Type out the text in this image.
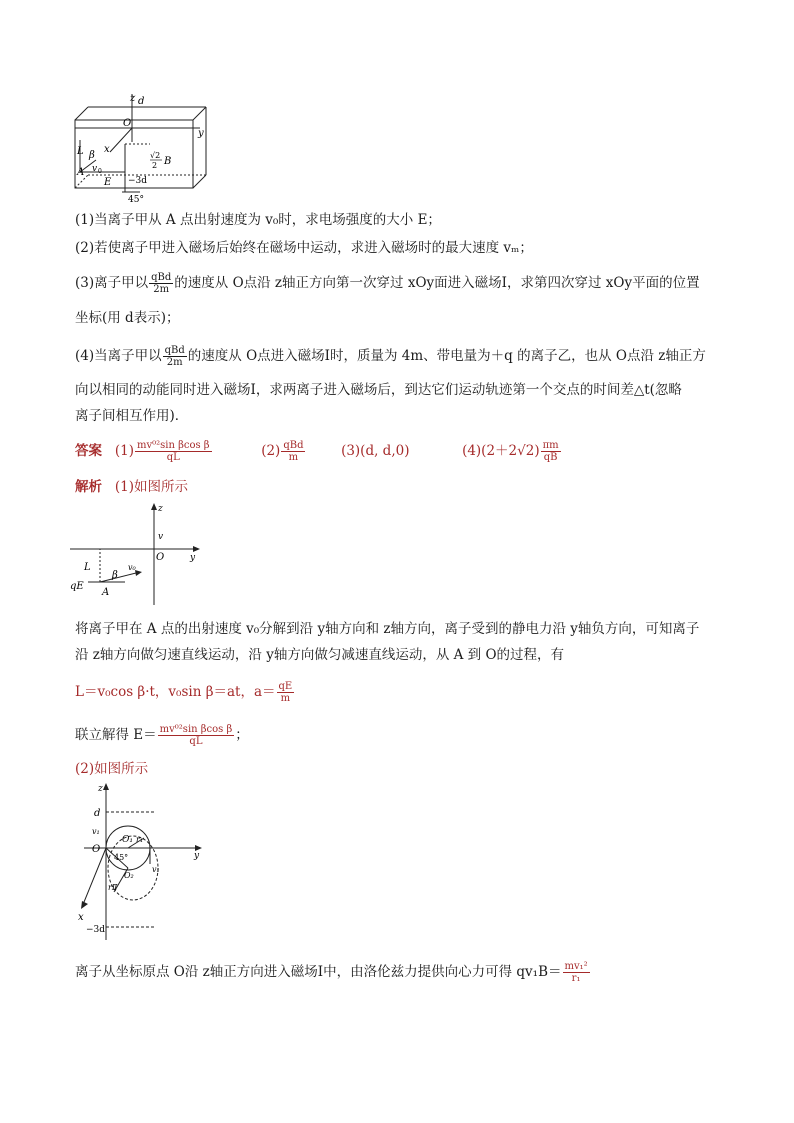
z d
O
y
x
L β
A v 0
E
√2
2 B
−3d
45°
(1)当离子甲从 A 点出射速度为 v₀时，求电场强度的大小 E；
(2)若使离子甲进入磁场后始终在磁场中运动，求进入磁场时的最大速度 vₘ；
(3)离子甲以 $\frac{\text{qBd}}{2m}$ 的速度从 O点沿 z轴正方向第一次穿过 xOy面进入磁场Ⅰ，求第四次穿过 xOy平面的位置
坐标(用 d表示)；
(4)当离子甲以 $\frac{\text{qBd}}{2m}$ 的速度从 O点进入磁场Ⅰ时，质量为 4m、带电量为＋q 的离子乙，也从 O点沿 z轴正方
向以相同的动能同时进入磁场Ⅰ，求两离子进入磁场后，到达它们运动轨迹第一个交点的时间差△t(忽略
离子间相互作用)．
答案 $(1) \frac{\text{mv⁰²sin βcos β}}{qL}$	$(2) \frac{\text{qBd}}{m}$	(3)(d, d,0)	$(4)(2+2√2) \frac{\pi m}{qB}$
解析 (1)如图所示
z
v
O	y
L
β
v₀
qE
A
将离子甲在 A 点的出射速度 v₀分解到沿 y轴方向和 z轴方向，离子受到的静电力沿 y轴负方向，可知离子
沿 z轴方向做匀速直线运动，沿 y轴方向做匀减速直线运动，从 A 到 O的过程，有
L＝v₀cos β·t，v₀sin β＝at，$a= \frac{qE}{m}$
联立解得 $E= \frac{\text{mv⁰²sin βcos β}}{qL}$ ；
(2)如图所示
z
d
v₁
O
O₁ r₁
y
45°
O₂
rⅡ
v₁
x
−3d
离子从坐标原点 O沿 z轴正方向进入磁场Ⅰ中，由洛伦兹力提供向心力可得 $qv_1B= \frac{\text{mv₁²}}{\text{r₁}}$
